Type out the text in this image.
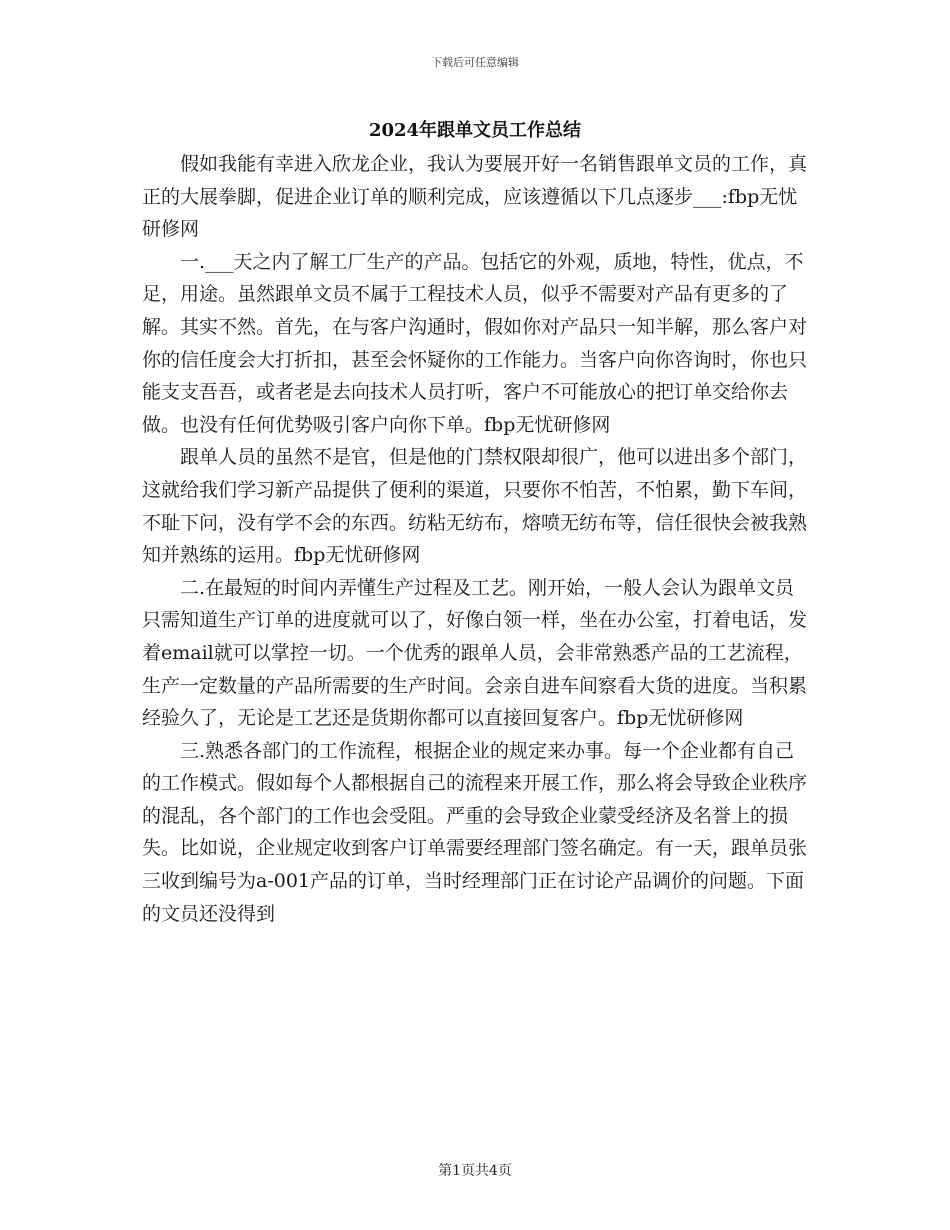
下载后可任意编辑
2024年跟单文员工作总结

假如我能有幸进入欣龙企业，我认为要展开好一名销售跟单文员的工作，真正的大展拳脚，促进企业订单的顺利完成，应该遵循以下几点逐步___:fbp无忧研修网

一.___天之内了解工厂生产的产品。包括它的外观，质地，特性，优点，不足，用途。虽然跟单文员不属于工程技术人员，似乎不需要对产品有更多的了解。其实不然。首先，在与客户沟通时，假如你对产品只一知半解，那么客户对你的信任度会大打折扣，甚至会怀疑你的工作能力。当客户向你咨询时，你也只能支支吾吾，或者老是去向技术人员打听，客户不可能放心的把订单交给你去做。也没有任何优势吸引客户向你下单。fbp无忧研修网

跟单人员的虽然不是官，但是他的门禁权限却很广，他可以进出多个部门，这就给我们学习新产品提供了便利的渠道，只要你不怕苦，不怕累，勤下车间，不耻下问，没有学不会的东西。纺粘无纺布，熔喷无纺布等，信任很快会被我熟知并熟练的运用。fbp无忧研修网

二.在最短的时间内弄懂生产过程及工艺。刚开始，一般人会认为跟单文员只需知道生产订单的进度就可以了，好像白领一样，坐在办公室，打着电话，发着email就可以掌控一切。一个优秀的跟单人员，会非常熟悉产品的工艺流程，生产一定数量的产品所需要的生产时间。会亲自进车间察看大货的进度。当积累经验久了，无论是工艺还是货期你都可以直接回复客户。fbp无忧研修网

三.熟悉各部门的工作流程，根据企业的规定来办事。每一个企业都有自己的工作模式。假如每个人都根据自己的流程来开展工作，那么将会导致企业秩序的混乱，各个部门的工作也会受阻。严重的会导致企业蒙受经济及名誉上的损失。比如说，企业规定收到客户订单需要经理部门签名确定。有一天，跟单员张三收到编号为a-001产品的订单，当时经理部门正在讨论产品调价的问题。下面的文员还没得到

第1页共4页
